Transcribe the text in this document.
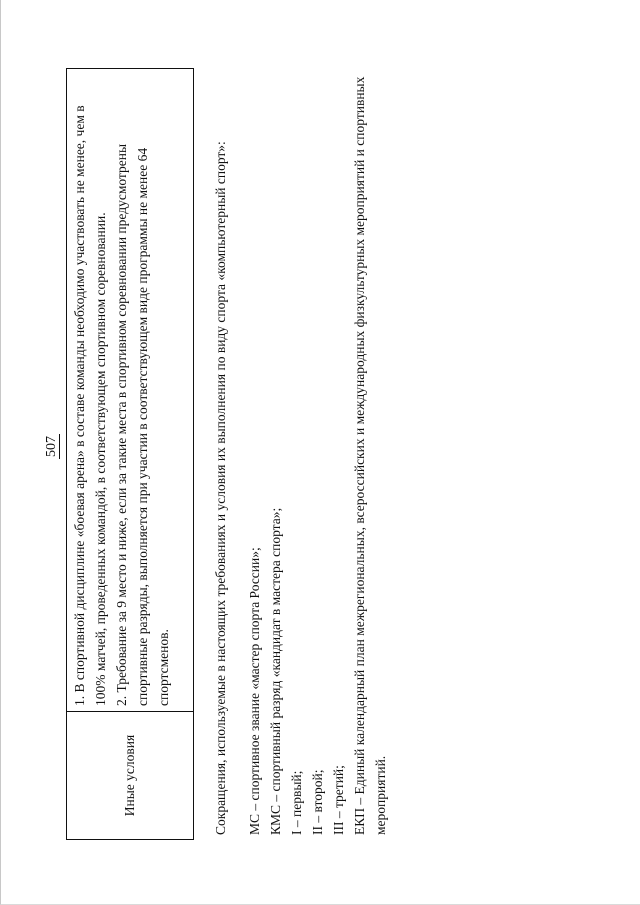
507
Иные условия

1. В спортивной дисциплине «боевая арена» в составе команды необходимо участвовать не менее, чем в 100% матчей, проведенных командой, в соответствующем спортивном соревновании. 2. Требование за 9 место и ниже, если за такие места в спортивном соревновании предусмотрены спортивные разряды, выполняется при участии в соответствующем виде программы не менее 64 спортсменов.	Сокращения, используемые в настоящих требованиях и условия их выполнения по виду спорта «компьютерный спорт»: МС – спортивное звание «мастер спорта России»; КМС – спортивный разряд «кандидат в мастера спорта»; I – первый; II – второй; III – третий; ЕКП – Единый календарный план межрегиональных, всероссийских и международных физкультурных мероприятий и спортивных мероприятий.
